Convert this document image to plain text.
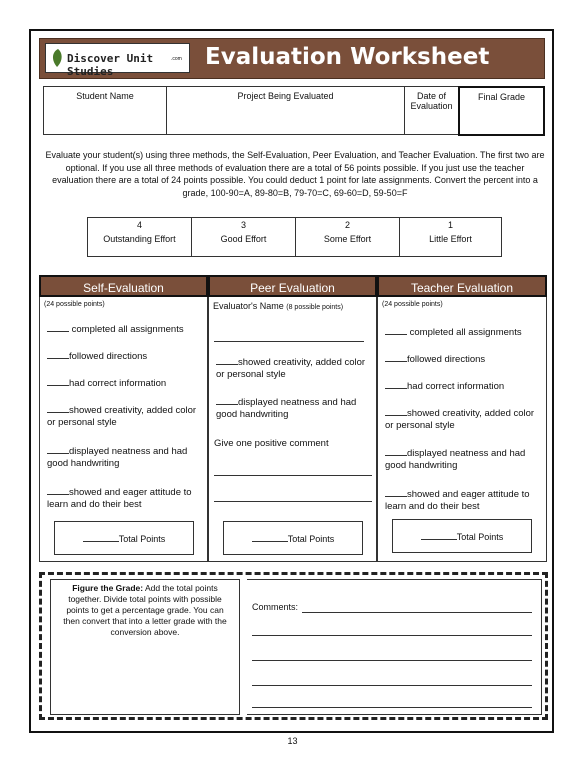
Discover Unit Studies
.com Evaluation Worksheet
Student Name	Project Being Evaluated	Date of Evaluation
Final Grade
Evaluate your student(s) using three methods, the Self-Evaluation, Peer Evaluation, and Teacher Evaluation. The first two are optional. If you use all three methods of evaluation there are a total of 56 points possible. If you just use the teacher evaluation there are a total of 24 points possible. You could deduct 1 point for late assignments. Convert the percent into a grade, 100-90=A, 89-80=B, 79-70=C, 69-60=D, 59-50=F
4
Outstanding Effort
3
Good Effort
2
Some Effort
1
Little Effort
Self-Evaluation	Peer Evaluation	Teacher Evaluation
(24 possible points)
completed all assignments
followed directions
had correct information
showed creativity, added color or personal style
displayed neatness and had good handwriting
showed and eager attitude to learn and do their best
Total Points
Evaluator's Name (8 possible points)
showed creativity, added color or personal style
displayed neatness and had good handwriting
Give one positive comment
Total Points
(24 possible points)
completed all assignments
followed directions
had correct information
showed creativity, added color or personal style
displayed neatness and had good handwriting
showed and eager attitude to learn and do their best
Total Points
Figure the Grade: Add the total points together. Divide total points with possible points to get a percentage grade. You can then convert that into a letter grade with the conversion above.
Comments:
13
